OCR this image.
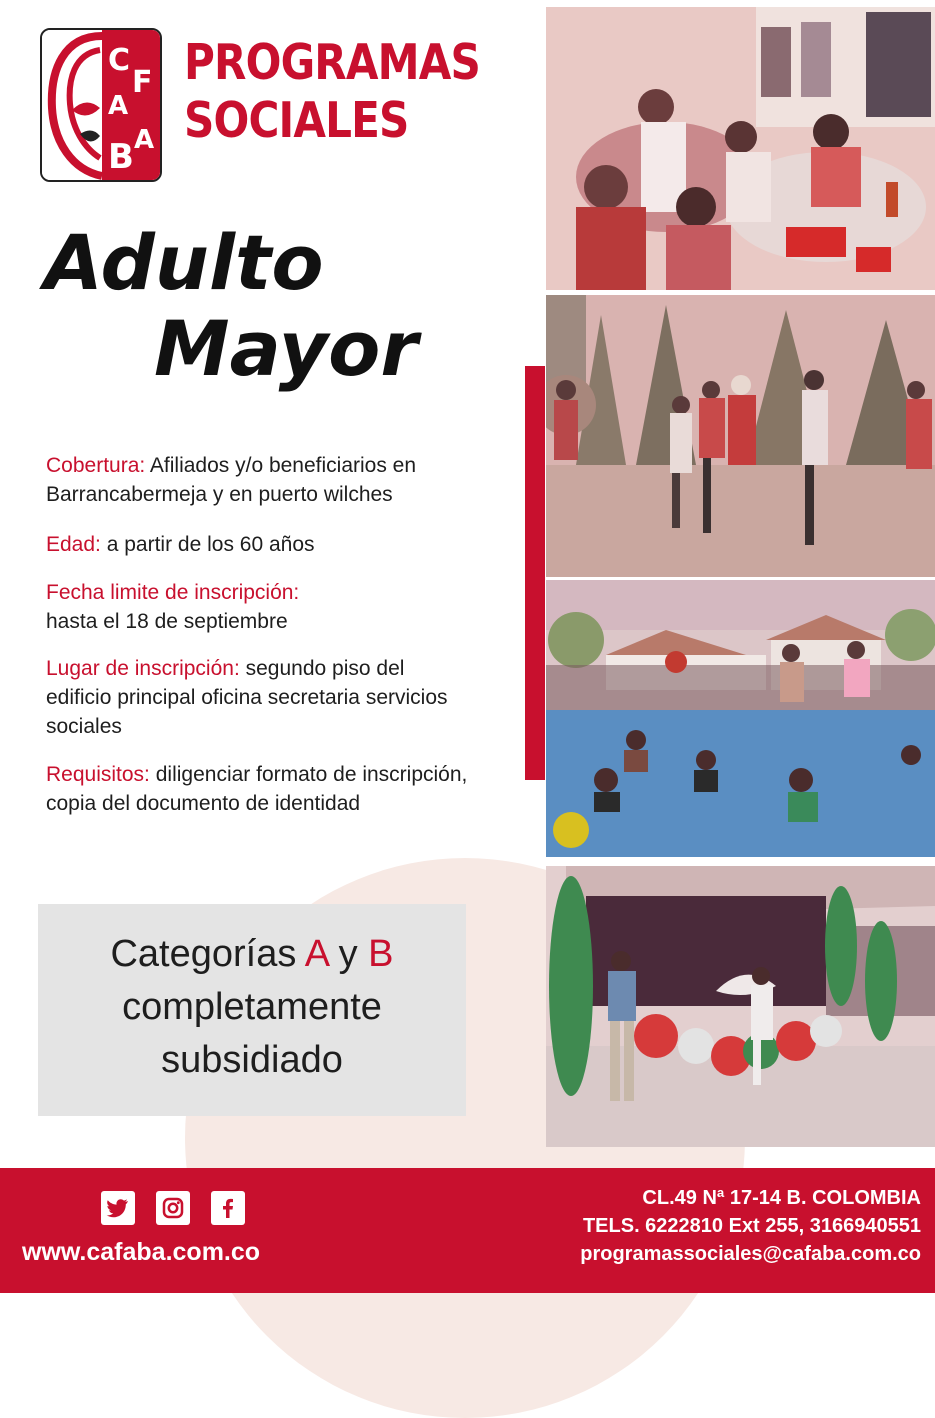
C
F
A
B A
PROGRAMAS
SOCIALES
Adulto
Mayor
Cobertura: Afiliados y/o beneficiarios en Barrancabermeja y en puerto wilches
Edad: a partir de los 60 años
Fecha limite de inscripción:
hasta el 18 de septiembre
Lugar de inscripción: segundo piso del edificio principal oficina secretaria servicios sociales
Requisitos: diligenciar formato de inscripción, copia del documento de identidad
Categorías A y B
completamente
subsidiado
www.cafaba.com.co
CL.49 Nª 17-14 B. COLOMBIA
TELS. 6222810 Ext 255, 3166940551
programassociales@cafaba.com.co
